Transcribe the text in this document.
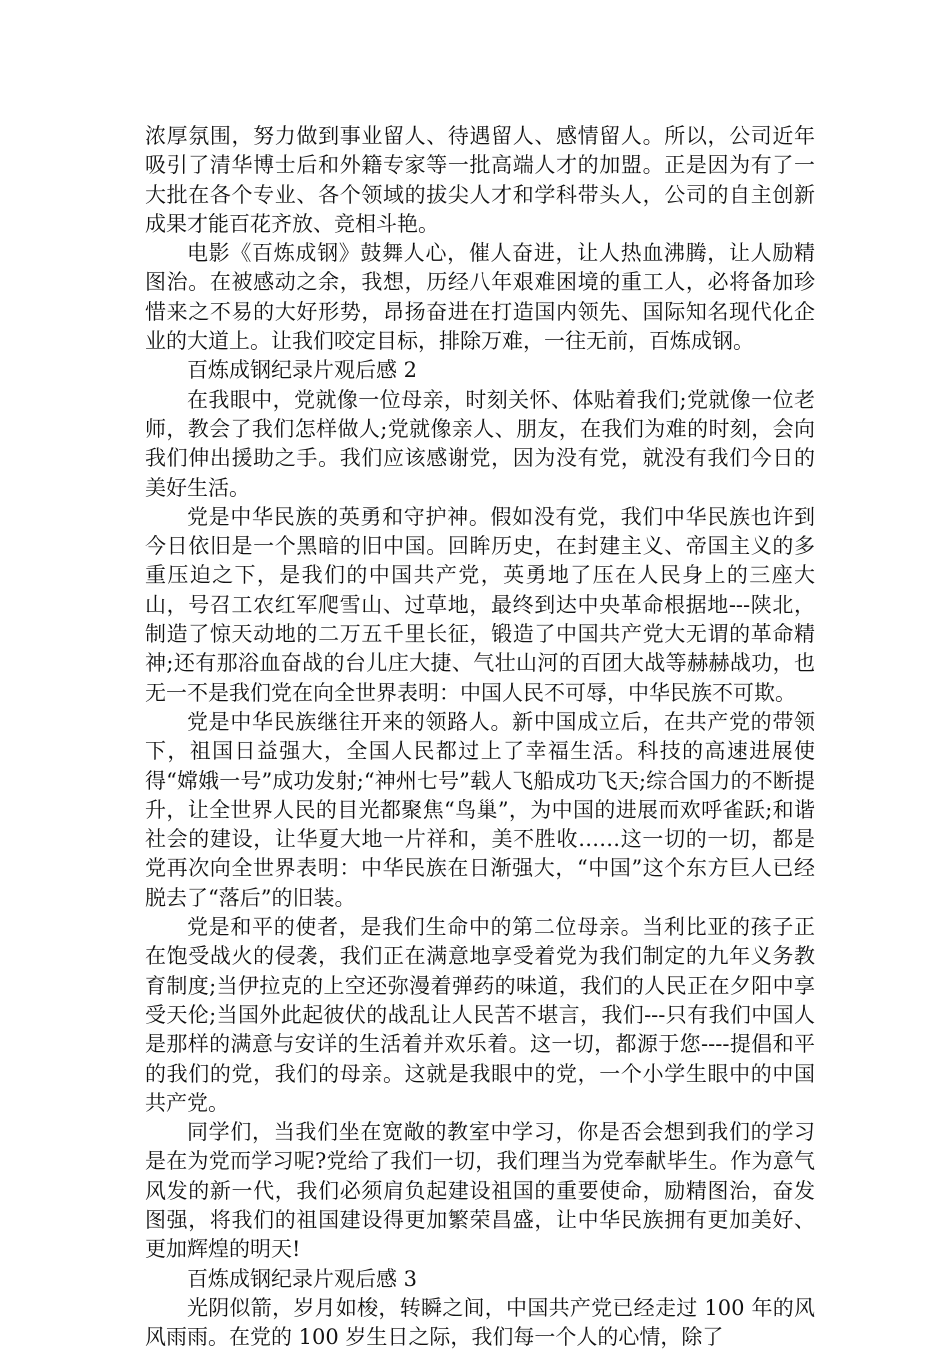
浓厚氛围，努力做到事业留人、待遇留人、感情留人。所以，公司近年吸引了清华博士后和外籍专家等一批高端人才的加盟。正是因为有了一大批在各个专业、各个领域的拔尖人才和学科带头人，公司的自主创新成果才能百花齐放、竞相斗艳。

电影《百炼成钢》鼓舞人心，催人奋进，让人热血沸腾，让人励精图治。在被感动之余，我想，历经八年艰难困境的重工人，必将备加珍惜来之不易的大好形势，昂扬奋进在打造国内领先、国际知名现代化企业的大道上。让我们咬定目标，排除万难，一往无前，百炼成钢。

百炼成钢纪录片观后感 2

在我眼中，党就像一位母亲，时刻关怀、体贴着我们;党就像一位老师，教会了我们怎样做人;党就像亲人、朋友，在我们为难的时刻，会向我们伸出援助之手。我们应该感谢党，因为没有党，就没有我们今日的美好生活。

党是中华民族的英勇和守护神。假如没有党，我们中华民族也许到今日依旧是一个黑暗的旧中国。回眸历史，在封建主义、帝国主义的多重压迫之下，是我们的中国共产党，英勇地了压在人民身上的三座大山，号召工农红军爬雪山、过草地，最终到达中央革命根据地---陕北，制造了惊天动地的二万五千里长征，锻造了中国共产党大无谓的革命精神;还有那浴血奋战的台儿庄大捷、气壮山河的百团大战等赫赫战功，也无一不是我们党在向全世界表明：中国人民不可辱，中华民族不可欺。

党是中华民族继往开来的领路人。新中国成立后，在共产党的带领下，祖国日益强大，全国人民都过上了幸福生活。科技的高速进展使得“嫦娥一号”成功发射;“神州七号”载人飞船成功飞天;综合国力的不断提升，让全世界人民的目光都聚焦“鸟巢”，为中国的进展而欢呼雀跃;和谐社会的建设，让华夏大地一片祥和，美不胜收……这一切的一切，都是党再次向全世界表明：中华民族在日渐强大，“中国”这个东方巨人已经脱去了“落后”的旧装。

党是和平的使者，是我们生命中的第二位母亲。当利比亚的孩子正在饱受战火的侵袭，我们正在满意地享受着党为我们制定的九年义务教育制度;当伊拉克的上空还弥漫着弹药的味道，我们的人民正在夕阳中享受天伦;当国外此起彼伏的战乱让人民苦不堪言，我们---只有我们中国人是那样的满意与安详的生活着并欢乐着。这一切，都源于您----提倡和平的我们的党，我们的母亲。这就是我眼中的党，一个小学生眼中的中国共产党。

同学们，当我们坐在宽敞的教室中学习，你是否会想到我们的学习是在为党而学习呢?党给了我们一切，我们理当为党奉献毕生。作为意气风发的新一代，我们必须肩负起建设祖国的重要使命，励精图治，奋发图强，将我们的祖国建设得更加繁荣昌盛，让中华民族拥有更加美好、更加辉煌的明天!

百炼成钢纪录片观后感 3

光阴似箭，岁月如梭，转瞬之间，中国共产党已经走过 100 年的风风雨雨。在党的 100 岁生日之际，我们每一个人的心情，除了
